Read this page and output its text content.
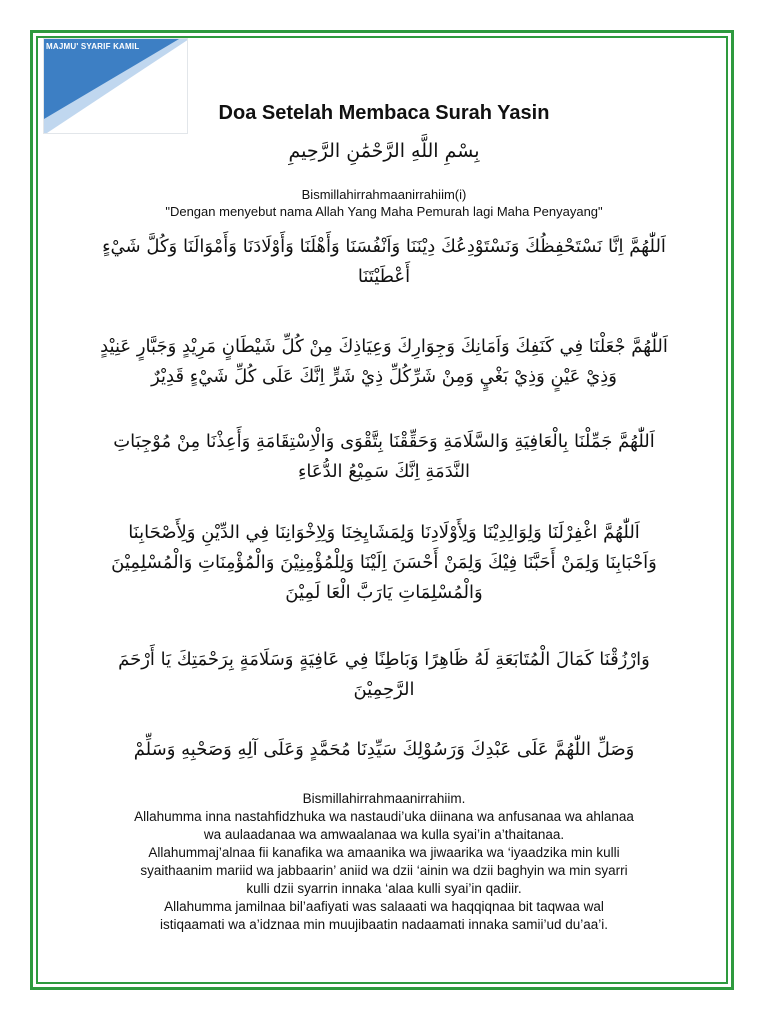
MAJMU' SYARIF KAMIL
Doa Setelah Membaca Surah Yasin
بِسْمِ اللَّهِ الرَّحْمَٰنِ الرَّحِيمِ
Bismillahirrahmaanirrahiim(i)
"Dengan menyebut nama Allah Yang Maha Pemurah lagi Maha Penyayang"

اَللّٰهُمَّ اِنَّا نَسْتَحْفِظُكَ وَنَسْتَوْدِعُكَ دِيْنَنَا وَاَنْفُسَنَا وَأَهْلَنَا وَأَوْلَادَنَا وَأَمْوَالَنَا وَكُلَّ شَيْءٍ أَعْطَيْتَنَا

اَللّٰهُمَّ جْعَلْنَا فِي كَنَفِكَ وَاَمَانِكَ وَجِوَارِكَ وَعِيَاذِكَ مِنْ كُلِّ شَيْطَانٍ مَرِيْدٍ وَجَبَّارٍ عَنِيْدٍ وَذِيْ عَيْنٍ وَذِيْ بَغْيٍ وَمِنْ شَرِّكُلِّ ذِيْ شَرٍّ اِنَّكَ عَلَى كُلِّ شَيْءٍ قَدِيْرٌ

اَللّٰهُمَّ جَمِّلْنَا بِالْعَافِيَةِ وَالسَّلَامَةِ وَحَقِّقْنَا بِتَّقْوَى وَالْاِسْتِقَامَةِ وَأَعِذْنَا مِنْ مُوْجِبَاتِ النَّدَمَةِ اِنَّكَ سَمِيْعُ الدُّعَاءِ

اَللّٰهُمَّ اغْفِرْلَنَا وَلِوَالِدِيْنَا وَلِأَوْلَادِنَا وَلِمَشَايِخِنَا وَلِاِخْوَانِنَا فِي الدِّيْنِ وَلِأَصْحَابِنَا وَاَحْبَابِنَا وَلِمَنْ أَحَبَّنَا فِيْكَ وَلِمَنْ أَحْسَنَ اِلَيْنَا وَلِلْمُؤْمِنِيْنَ وَالْمُؤْمِنَاتِ وَالْمُسْلِمِيْنَ وَالْمُسْلِمَاتِ يَارَبَّ الْعَا لَمِيْنَ

وَارْزُقْنَا كَمَالَ الْمُتَابَعَةِ لَهُ ظَاهِرًا وَبَاطِنًا فِي عَافِيَةٍ وَسَلَامَةٍ بِرَحْمَتِكَ يَا أَرْحَمَ الرَّحِمِيْنَ

وَصَلِّ اللّٰهُمَّ عَلَى عَبْدِكَ وَرَسُوْلِكَ سَيِّدِنَا مُحَمَّدٍ وَعَلَى آلِهِ وَصَحْبِهِ وَسَلِّمْ

Bismillahirrahmaanirrahiim.
Allahumma inna nastahfidzhuka wa nastaudi’uka diinana wa anfusanaa wa ahlanaa
wa aulaadanaa wa amwaalanaa wa kulla syai’in a’thaitanaa.
Allahummaj’alnaa fii kanafika wa amaanika wa jiwaarika wa ‘iyaadzika min kulli
syaithaanim mariid wa jabbaarin’ aniid wa dzii ‘ainin wa dzii baghyin wa min syarri
kulli dzii syarrin innaka ‘alaa kulli syai’in qadiir.
Allahumma jamilnaa bil’aafiyati was salaaati wa haqqiqnaa bit taqwaa wal
istiqaamati wa a’idznaa min muujibaatin nadaamati innaka samii’ud du’aa’i.
